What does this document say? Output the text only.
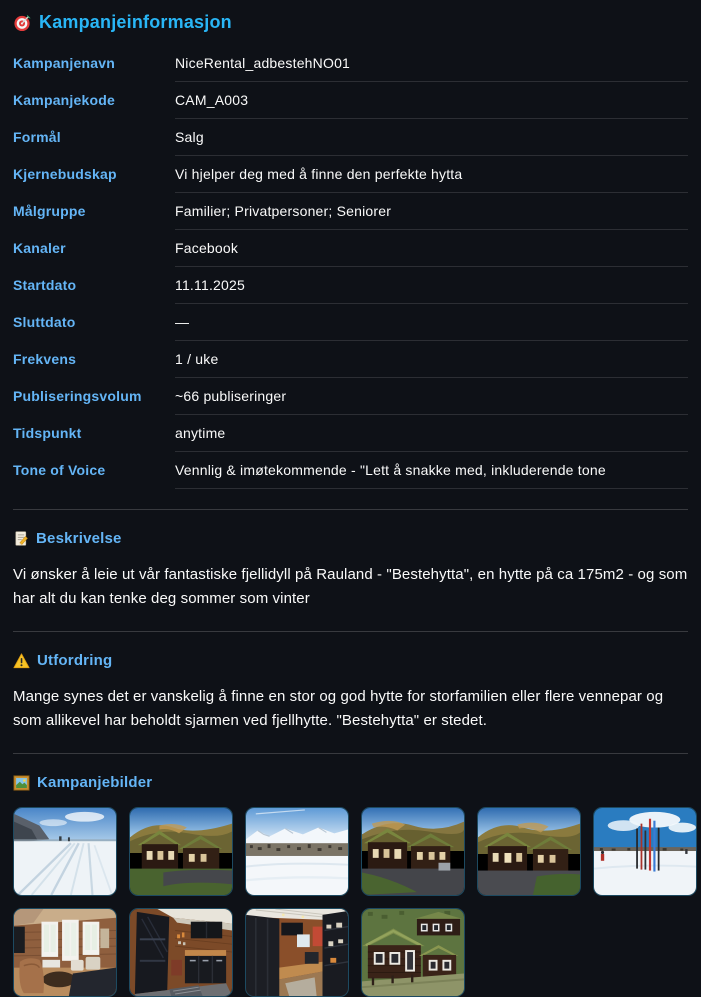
Kampanjeinformasjon
Kampanjenavn	NiceRental_adbestehNO01
Kampanjekode	CAM_A003
Formål	Salg
Kjernebudskap	Vi hjelper deg med å finne den perfekte hytta
Målgruppe	Familier; Privatpersoner; Seniorer
Kanaler	Facebook
Startdato	11.11.2025
Sluttdato	—
Frekvens	1 / uke
Publiseringsvolum	~66 publiseringer
Tidspunkt	anytime
Tone of Voice	Vennlig & imøtekommende - "Lett å snakke med, inkluderende tone
Beskrivelse

Vi ønsker å leie ut vår fantastiske fjellidyll på Rauland - "Bestehytta", en hytte på ca 175m2 - og som har alt du kan tenke deg sommer som vinter

Utfordring

Mange synes det er vanskelig å finne en stor og god hytte for storfamilien eller flere vennepar og som allikevel har beholdt sjarmen ved fjellhytte. "Bestehytta" er stedet.

Kampanjebilder
